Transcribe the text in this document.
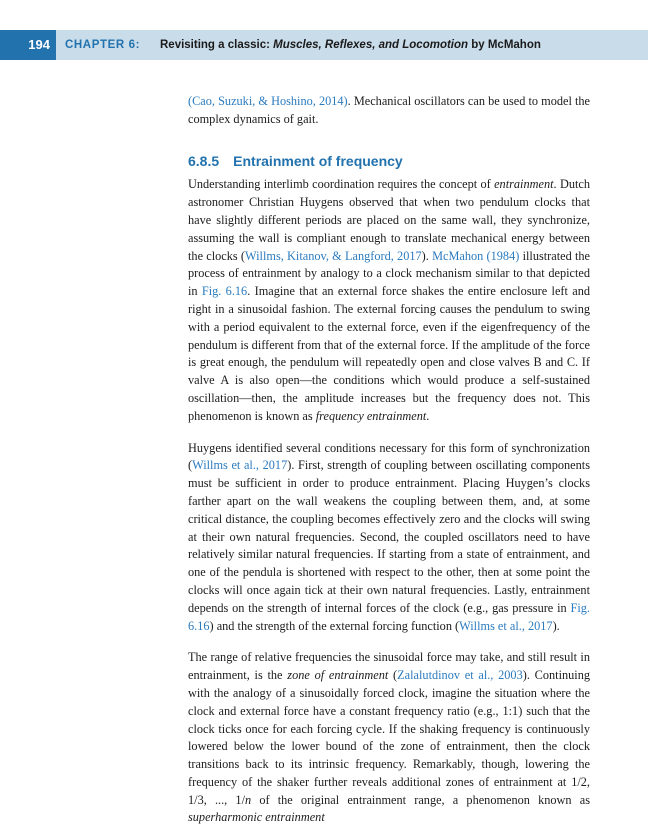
194	CHAPTER 6: Revisiting a classic: Muscles, Reflexes, and Locomotion by McMahon

(Cao, Suzuki, & Hoshino, 2014). Mechanical oscillators can be used to model the complex dynamics of gait.

6.8.5 Entrainment of frequency

Understanding interlimb coordination requires the concept of entrainment. Dutch astronomer Christian Huygens observed that when two pendulum clocks that have slightly different periods are placed on the same wall, they synchronize, assuming the wall is compliant enough to translate mechanical energy between the clocks (Willms, Kitanov, & Langford, 2017). McMahon (1984) illustrated the process of entrainment by analogy to a clock mechanism similar to that depicted in Fig. 6.16. Imagine that an external force shakes the entire enclosure left and right in a sinusoidal fashion. The external forcing causes the pendulum to swing with a period equivalent to the external force, even if the eigenfrequency of the pendulum is different from that of the external force. If the amplitude of the force is great enough, the pendulum will repeatedly open and close valves B and C. If valve A is also open—the conditions which would produce a self-sustained oscillation—then, the amplitude increases but the frequency does not. This phenomenon is known as frequency entrainment.

Huygens identified several conditions necessary for this form of synchronization (Willms et al., 2017). First, strength of coupling between oscillating components must be sufficient in order to produce entrainment. Placing Huygen’s clocks farther apart on the wall weakens the coupling between them, and, at some critical distance, the coupling becomes effectively zero and the clocks will swing at their own natural frequencies. Second, the coupled oscillators need to have relatively similar natural frequencies. If starting from a state of entrainment, and one of the pendula is shortened with respect to the other, then at some point the clocks will once again tick at their own natural frequencies. Lastly, entrainment depends on the strength of internal forces of the clock (e.g., gas pressure in Fig. 6.16) and the strength of the external forcing function (Willms et al., 2017).

The range of relative frequencies the sinusoidal force may take, and still result in entrainment, is the zone of entrainment (Zalalutdinov et al., 2003). Continuing with the analogy of a sinusoidally forced clock, imagine the situation where the clock and external force have a constant frequency ratio (e.g., 1:1) such that the clock ticks once for each forcing cycle. If the shaking frequency is continuously lowered below the lower bound of the zone of entrainment, then the clock transitions back to its intrinsic frequency. Remarkably, though, lowering the frequency of the shaker further reveals additional zones of entrainment at 1/2, 1/3, ..., 1/n of the original entrainment range, a phenomenon known as superharmonic entrainment
